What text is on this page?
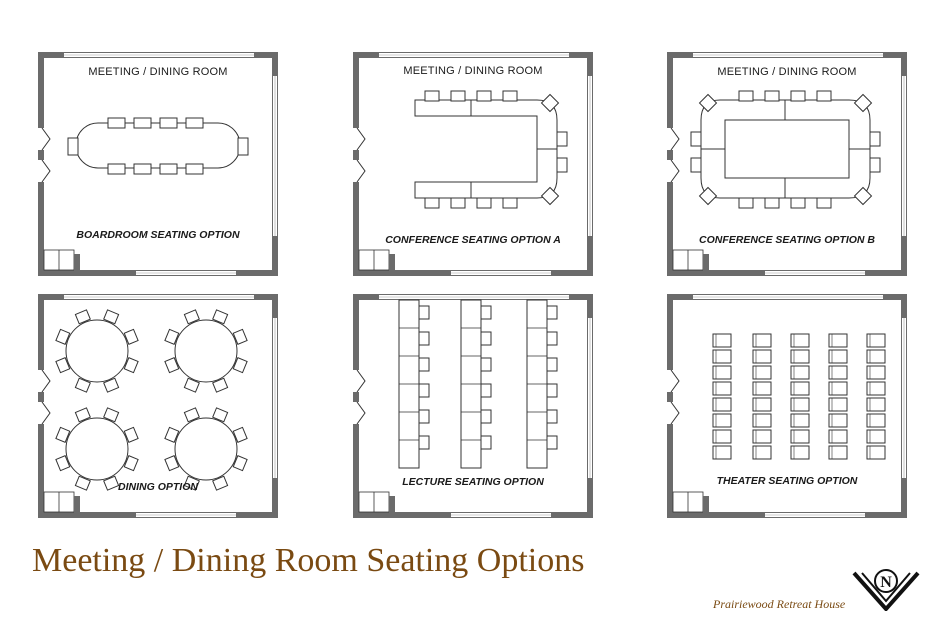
MEETING / DINING ROOM
BOARDROOM SEATING OPTION
MEETING / DINING ROOM
CONFERENCE SEATING OPTION A
MEETING / DINING ROOM
CONFERENCE SEATING OPTION B
DINING OPTION	LECTURE SEATING OPTION	THEATER SEATING OPTION
Meeting / Dining Room Seating Options
N
Prairiewood Retreat House
